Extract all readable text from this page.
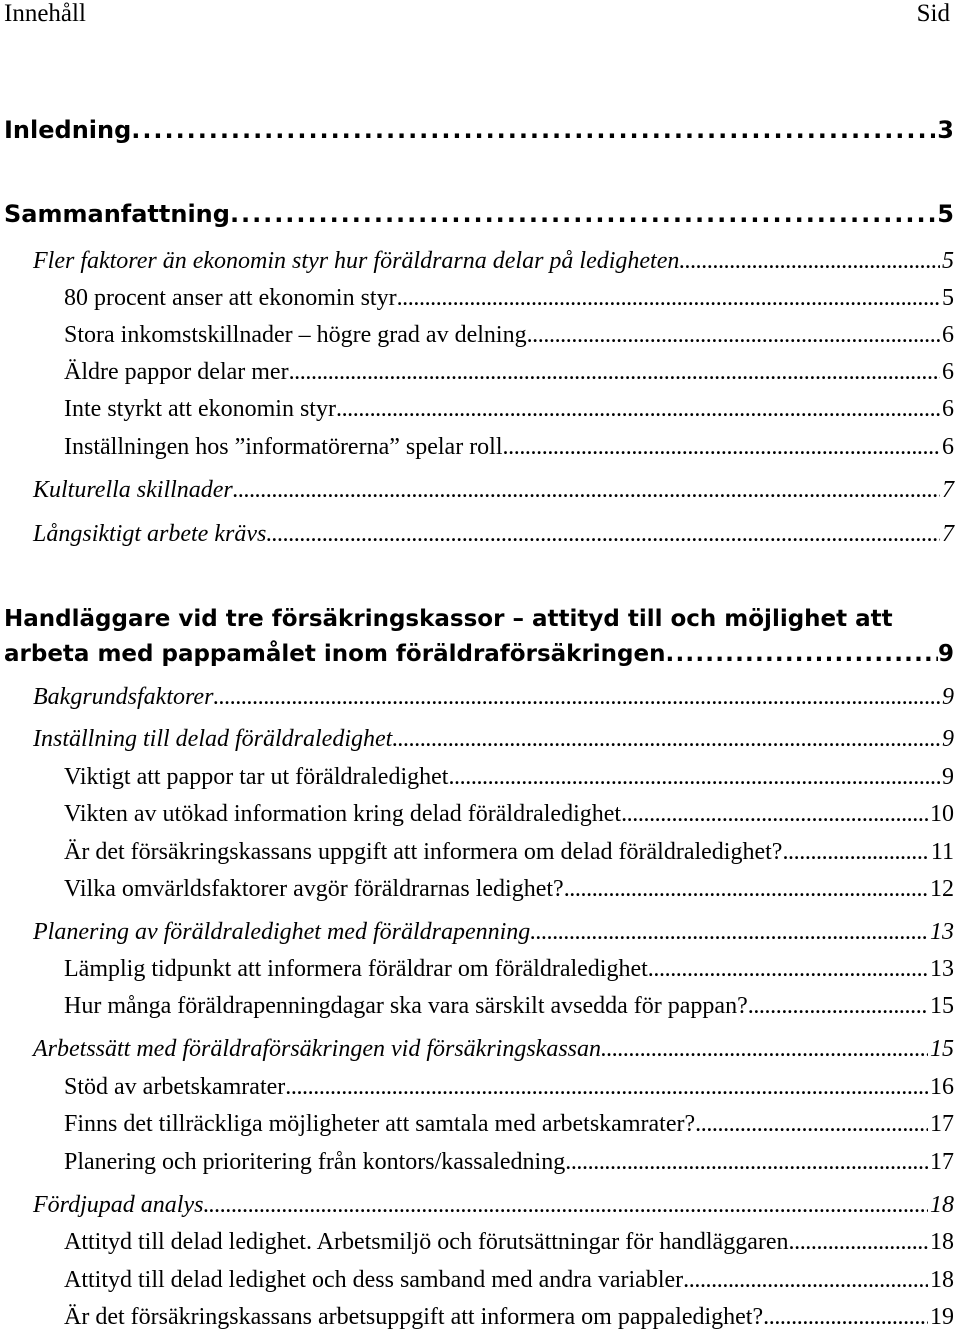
Innehåll	Sid
Inledning . . .	3
Sammanfattning . . .	5
Fler faktorer än ekonomin styr hur föräldrarna delar på ledigheten . . .	5
80 procent anser att ekonomin styr . . .	5
Stora inkomstskillnader – högre grad av delning . . .	6
Äldre pappor delar mer . . .	6
Inte styrkt att ekonomin styr . . .	6
Inställningen hos ”informatörerna” spelar roll . . .	6
Kulturella skillnader . . .	7
Långsiktigt arbete krävs . . .	7
Handläggare vid tre försäkringskassor – attityd till och möjlighet att
arbeta med pappamålet inom föräldraförsäkringen . . .	9
Bakgrundsfaktorer . . .	9
Inställning till delad föräldraledighet . . .	9
Viktigt att pappor tar ut föräldraledighet . . .	9
Vikten av utökad information kring delad föräldraledighet . . .	10
Är det försäkringskassans uppgift att informera om delad föräldraledighet? . . .	11
Vilka omvärldsfaktorer avgör föräldrarnas ledighet? . . .	12
Planering av föräldraledighet med föräldrapenning . . .	13
Lämplig tidpunkt att informera föräldrar om föräldraledighet . . .	13
Hur många föräldrapenningdagar ska vara särskilt avsedda för pappan? . . .	15
Arbetssätt med föräldraförsäkringen vid försäkringskassan . . .	15
Stöd av arbetskamrater . . .	16
Finns det tillräckliga möjligheter att samtala med arbetskamrater? . . .	17
Planering och prioritering från kontors/kassaledning . . .	17
Fördjupad analys . . .	18
Attityd till delad ledighet. Arbetsmiljö och förutsättningar för handläggaren . . .	18
Attityd till delad ledighet och dess samband med andra variabler . . .	18
Är det försäkringskassans arbetsuppgift att informera om pappaledighet? . . .	19
